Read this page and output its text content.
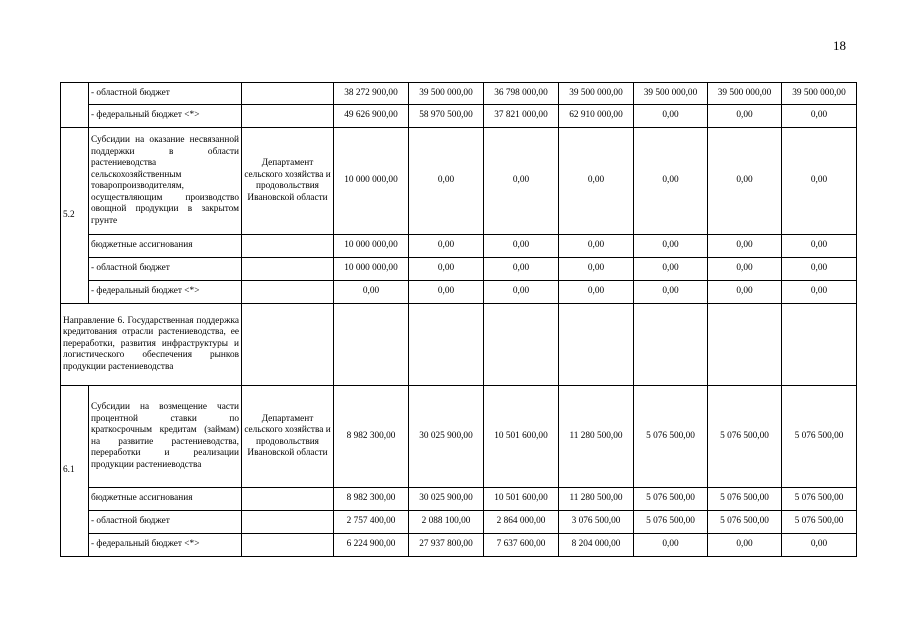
18
	- областной бюджет		38 272 900,00	39 500 000,00	36 798 000,00	39 500 000,00	39 500 000,00	39 500 000,00	39 500 000,00
	- федеральный бюджет <*>		49 626 900,00	58 970 500,00	37 821 000,00	62 910 000,00	0,00	0,00	0,00
5.2	Субсидии на оказание несвязанной поддержки в области растениеводства сельскохозяйственным товаропроизводителям, осуществляющим производство овощной продукции в закрытом грунте	Департамент сельского хозяйства и продовольствия Ивановской области	10 000 000,00	0,00	0,00	0,00	0,00	0,00	0,00
	бюджетные ассигнования		10 000 000,00	0,00	0,00	0,00	0,00	0,00	0,00
	- областной бюджет		10 000 000,00	0,00	0,00	0,00	0,00	0,00	0,00
	- федеральный бюджет <*>		0,00	0,00	0,00	0,00	0,00	0,00	0,00
Направление 6. Государственная поддержка кредитования отрасли растениеводства, ее переработки, развития инфраструктуры и логистического обеспечения рынков продукции растениеводства									
6.1	Субсидии на возмещение части процентной ставки по краткосрочным кредитам (займам) на развитие растениеводства, переработки и реализации продукции растениеводства	Департамент сельского хозяйства и продовольствия Ивановской области	8 982 300,00	30 025 900,00	10 501 600,00	11 280 500,00	5 076 500,00	5 076 500,00	5 076 500,00
	бюджетные ассигнования		8 982 300,00	30 025 900,00	10 501 600,00	11 280 500,00	5 076 500,00	5 076 500,00	5 076 500,00
	- областной бюджет		2 757 400,00	2 088 100,00	2 864 000,00	3 076 500,00	5 076 500,00	5 076 500,00	5 076 500,00
	- федеральный бюджет <*>		6 224 900,00	27 937 800,00	7 637 600,00	8 204 000,00	0,00	0,00	0,00
